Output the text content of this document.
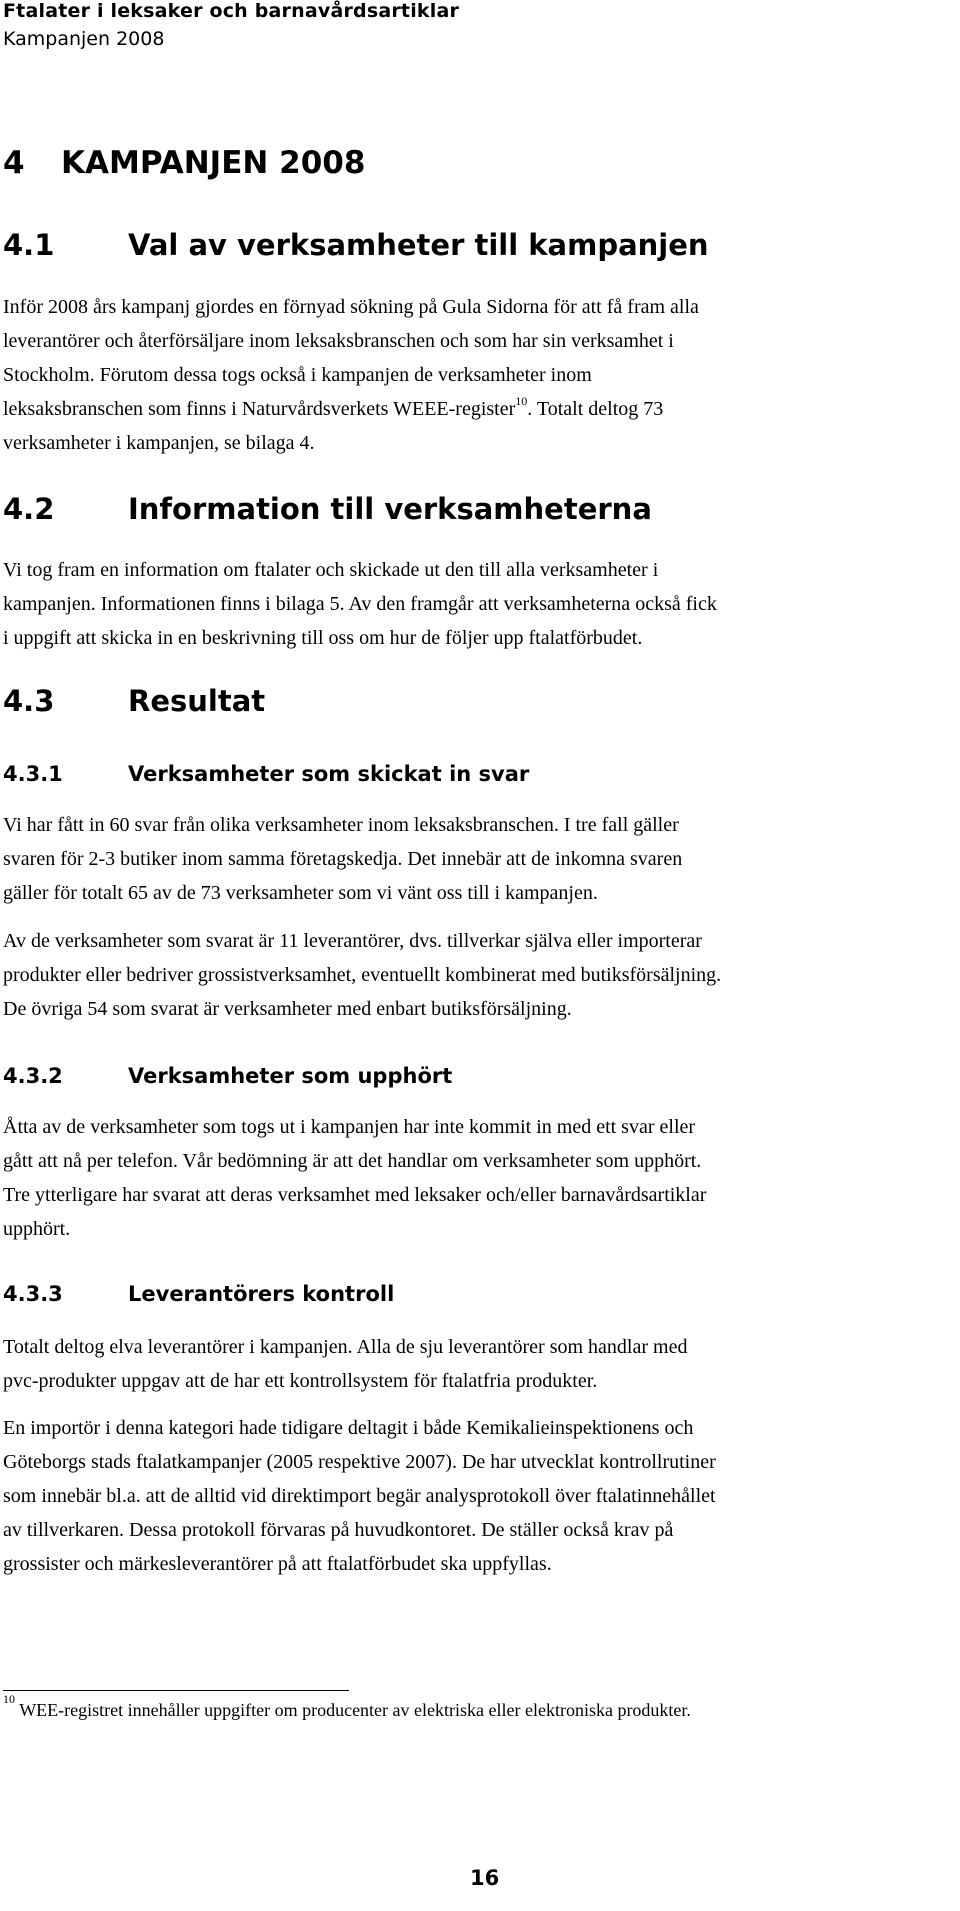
Ftalater i leksaker och barnavårdsartiklar
Kampanjen 2008
4 KAMPANJEN 2008
4.1	Val av verksamheter till kampanjen
Inför 2008 års kampanj gjordes en förnyad sökning på Gula Sidorna för att få fram alla
leverantörer och återförsäljare inom leksaksbranschen och som har sin verksamhet i
Stockholm. Förutom dessa togs också i kampanjen de verksamheter inom
leksaksbranschen som finns i Naturvårdsverkets WEEE-register$^{10}$. Totalt deltog 73
verksamheter i kampanjen, se bilaga 4.
4.2	Information till verksamheterna
Vi tog fram en information om ftalater och skickade ut den till alla verksamheter i
kampanjen. Informationen finns i bilaga 5. Av den framgår att verksamheterna också fick
i uppgift att skicka in en beskrivning till oss om hur de följer upp ftalatförbudet.
4.3	Resultat
4.3.1	Verksamheter som skickat in svar
Vi har fått in 60 svar från olika verksamheter inom leksaksbranschen. I tre fall gäller
svaren för 2-3 butiker inom samma företagskedja. Det innebär att de inkomna svaren
gäller för totalt 65 av de 73 verksamheter som vi vänt oss till i kampanjen.
Av de verksamheter som svarat är 11 leverantörer, dvs. tillverkar själva eller importerar
produkter eller bedriver grossistverksamhet, eventuellt kombinerat med butiksförsäljning.
De övriga 54 som svarat är verksamheter med enbart butiksförsäljning.
4.3.2	Verksamheter som upphört
Åtta av de verksamheter som togs ut i kampanjen har inte kommit in med ett svar eller
gått att nå per telefon. Vår bedömning är att det handlar om verksamheter som upphört.
Tre ytterligare har svarat att deras verksamhet med leksaker och/eller barnavårdsartiklar
upphört.
4.3.3	Leverantörers kontroll
Totalt deltog elva leverantörer i kampanjen. Alla de sju leverantörer som handlar med
pvc-produkter uppgav att de har ett kontrollsystem för ftalatfria produkter.
En importör i denna kategori hade tidigare deltagit i både Kemikalieinspektionens och
Göteborgs stads ftalatkampanjer (2005 respektive 2007). De har utvecklat kontrollrutiner
som innebär bl.a. att de alltid vid direktimport begär analysprotokoll över ftalatinnehållet
av tillverkaren. Dessa protokoll förvaras på huvudkontoret. De ställer också krav på
grossister och märkesleverantörer på att ftalatförbudet ska uppfyllas.
$^{10}$ WEE-registret innehåller uppgifter om producenter av elektriska eller elektroniska produkter.
16
